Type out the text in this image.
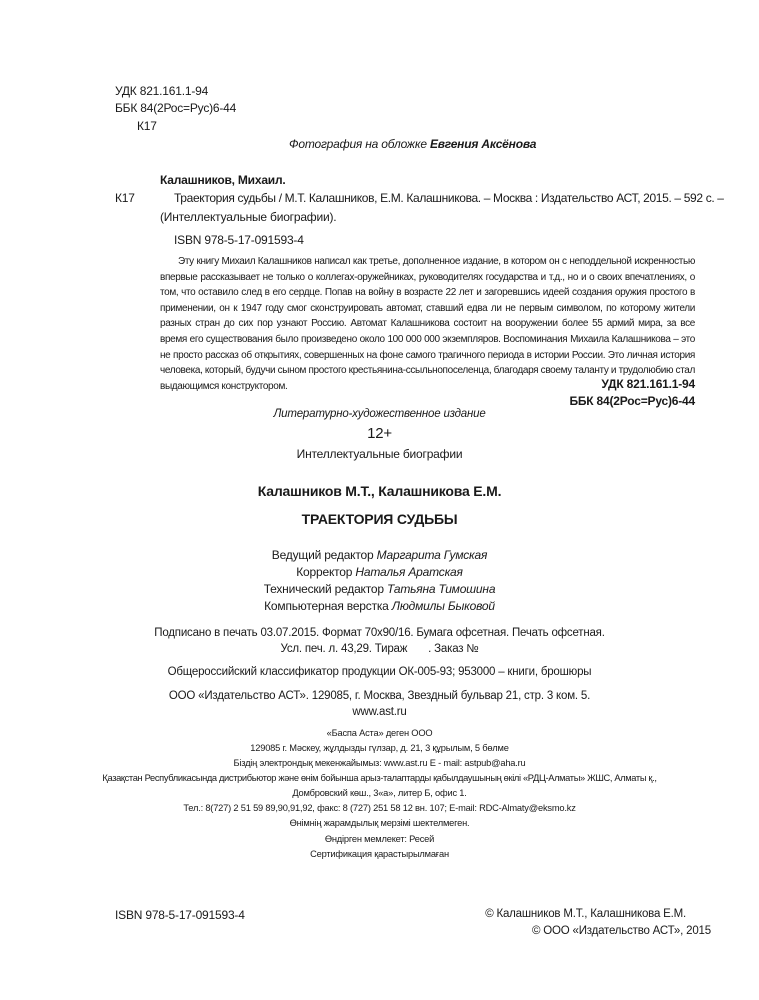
УДК 821.161.1-94
ББК 84(2Рос=Рус)6-44
К17
Фотография на обложке Евгения Аксёнова
Калашников, Михаил.
К17	Траектория судьбы / М.Т. Калашников, Е.М. Калашникова. – Москва : Издательство АСТ, 2015. – 592 с. –
(Интеллектуальные биографии).
ISBN 978-5-17-091593-4
Эту книгу Михаил Калашников написал как третье, дополненное издание, в котором он с неподдельной искренностью впервые рассказывает не только о коллегах-оружейниках, руководителях государства и т.д., но и о своих впечатлениях, о том, что оставило след в его сердце. Попав на войну в возрасте 22 лет и загоревшись идеей создания оружия простого в применении, он к 1947 году смог сконструировать автомат, ставший едва ли не первым символом, по которому жители разных стран до сих пор узнают Россию. Автомат Калашникова состоит на вооружении более 55 армий мира, за все время его существования было произведено около 100 000 000 экземпляров. Воспоминания Михаила Калашникова – это не просто рассказ об открытиях, совершенных на фоне самого трагичного периода в истории России. Это личная история человека, который, будучи сыном простого крестьянина-ссыльнопоселенца, благодаря своему таланту и трудолюбию стал выдающимся конструктором.	УДК 821.161.1-94
ББК 84(2Рос=Рус)6-44
Литературно-художественное издание
12+
Интеллектуальные биографии
Калашников М.Т., Калашникова Е.М.
ТРАЕКТОРИЯ СУДЬБЫ
Ведущий редактор Маргарита Гумская
Корректор Наталья Аратская
Технический редактор Татьяна Тимошина
Компьютерная верстка Людмилы Быковой
Подписано в печать 03.07.2015. Формат 70х90/16. Бумага офсетная. Печать офсетная.
Усл. печ. л. 43,29. Тираж       . Заказ №
Общероссийский классификатор продукции ОК-005-93; 953000 – книги, брошюры
ООО «Издательство АСТ». 129085, г. Москва, Звездный бульвар 21, стр. 3 ком. 5.
www.ast.ru
«Баспа Аста» деген ООО
129085 г. Мәскеу, жұлдызды гүлзар, д. 21, 3 құрылым, 5 бөлме
Біздің электрондық мекенжайымыз: www.ast.ru E - mail: astpub@aha.ru
Қазақстан Республикасында дистрибьютор және өнім бойынша арыз-талаптарды қабылдаушының өкілі «РДЦ-Алматы» ЖШС, Алматы қ.,
Домбровский көш., 3«а», литер Б, офис 1.
Тел.: 8(727) 2 51 59 89,90,91,92, факс: 8 (727) 251 58 12 вн. 107; E-mail: RDC-Almaty@eksmo.kz
Өнімнің жарамдылық мерзімі шектелмеген.
Өндірген мемлекет: Ресей
Сертификация қарастырылмаған
ISBN 978-5-17-091593-4	© Калашников М.Т., Калашникова Е.М.
© ООО «Издательство АСТ», 2015
